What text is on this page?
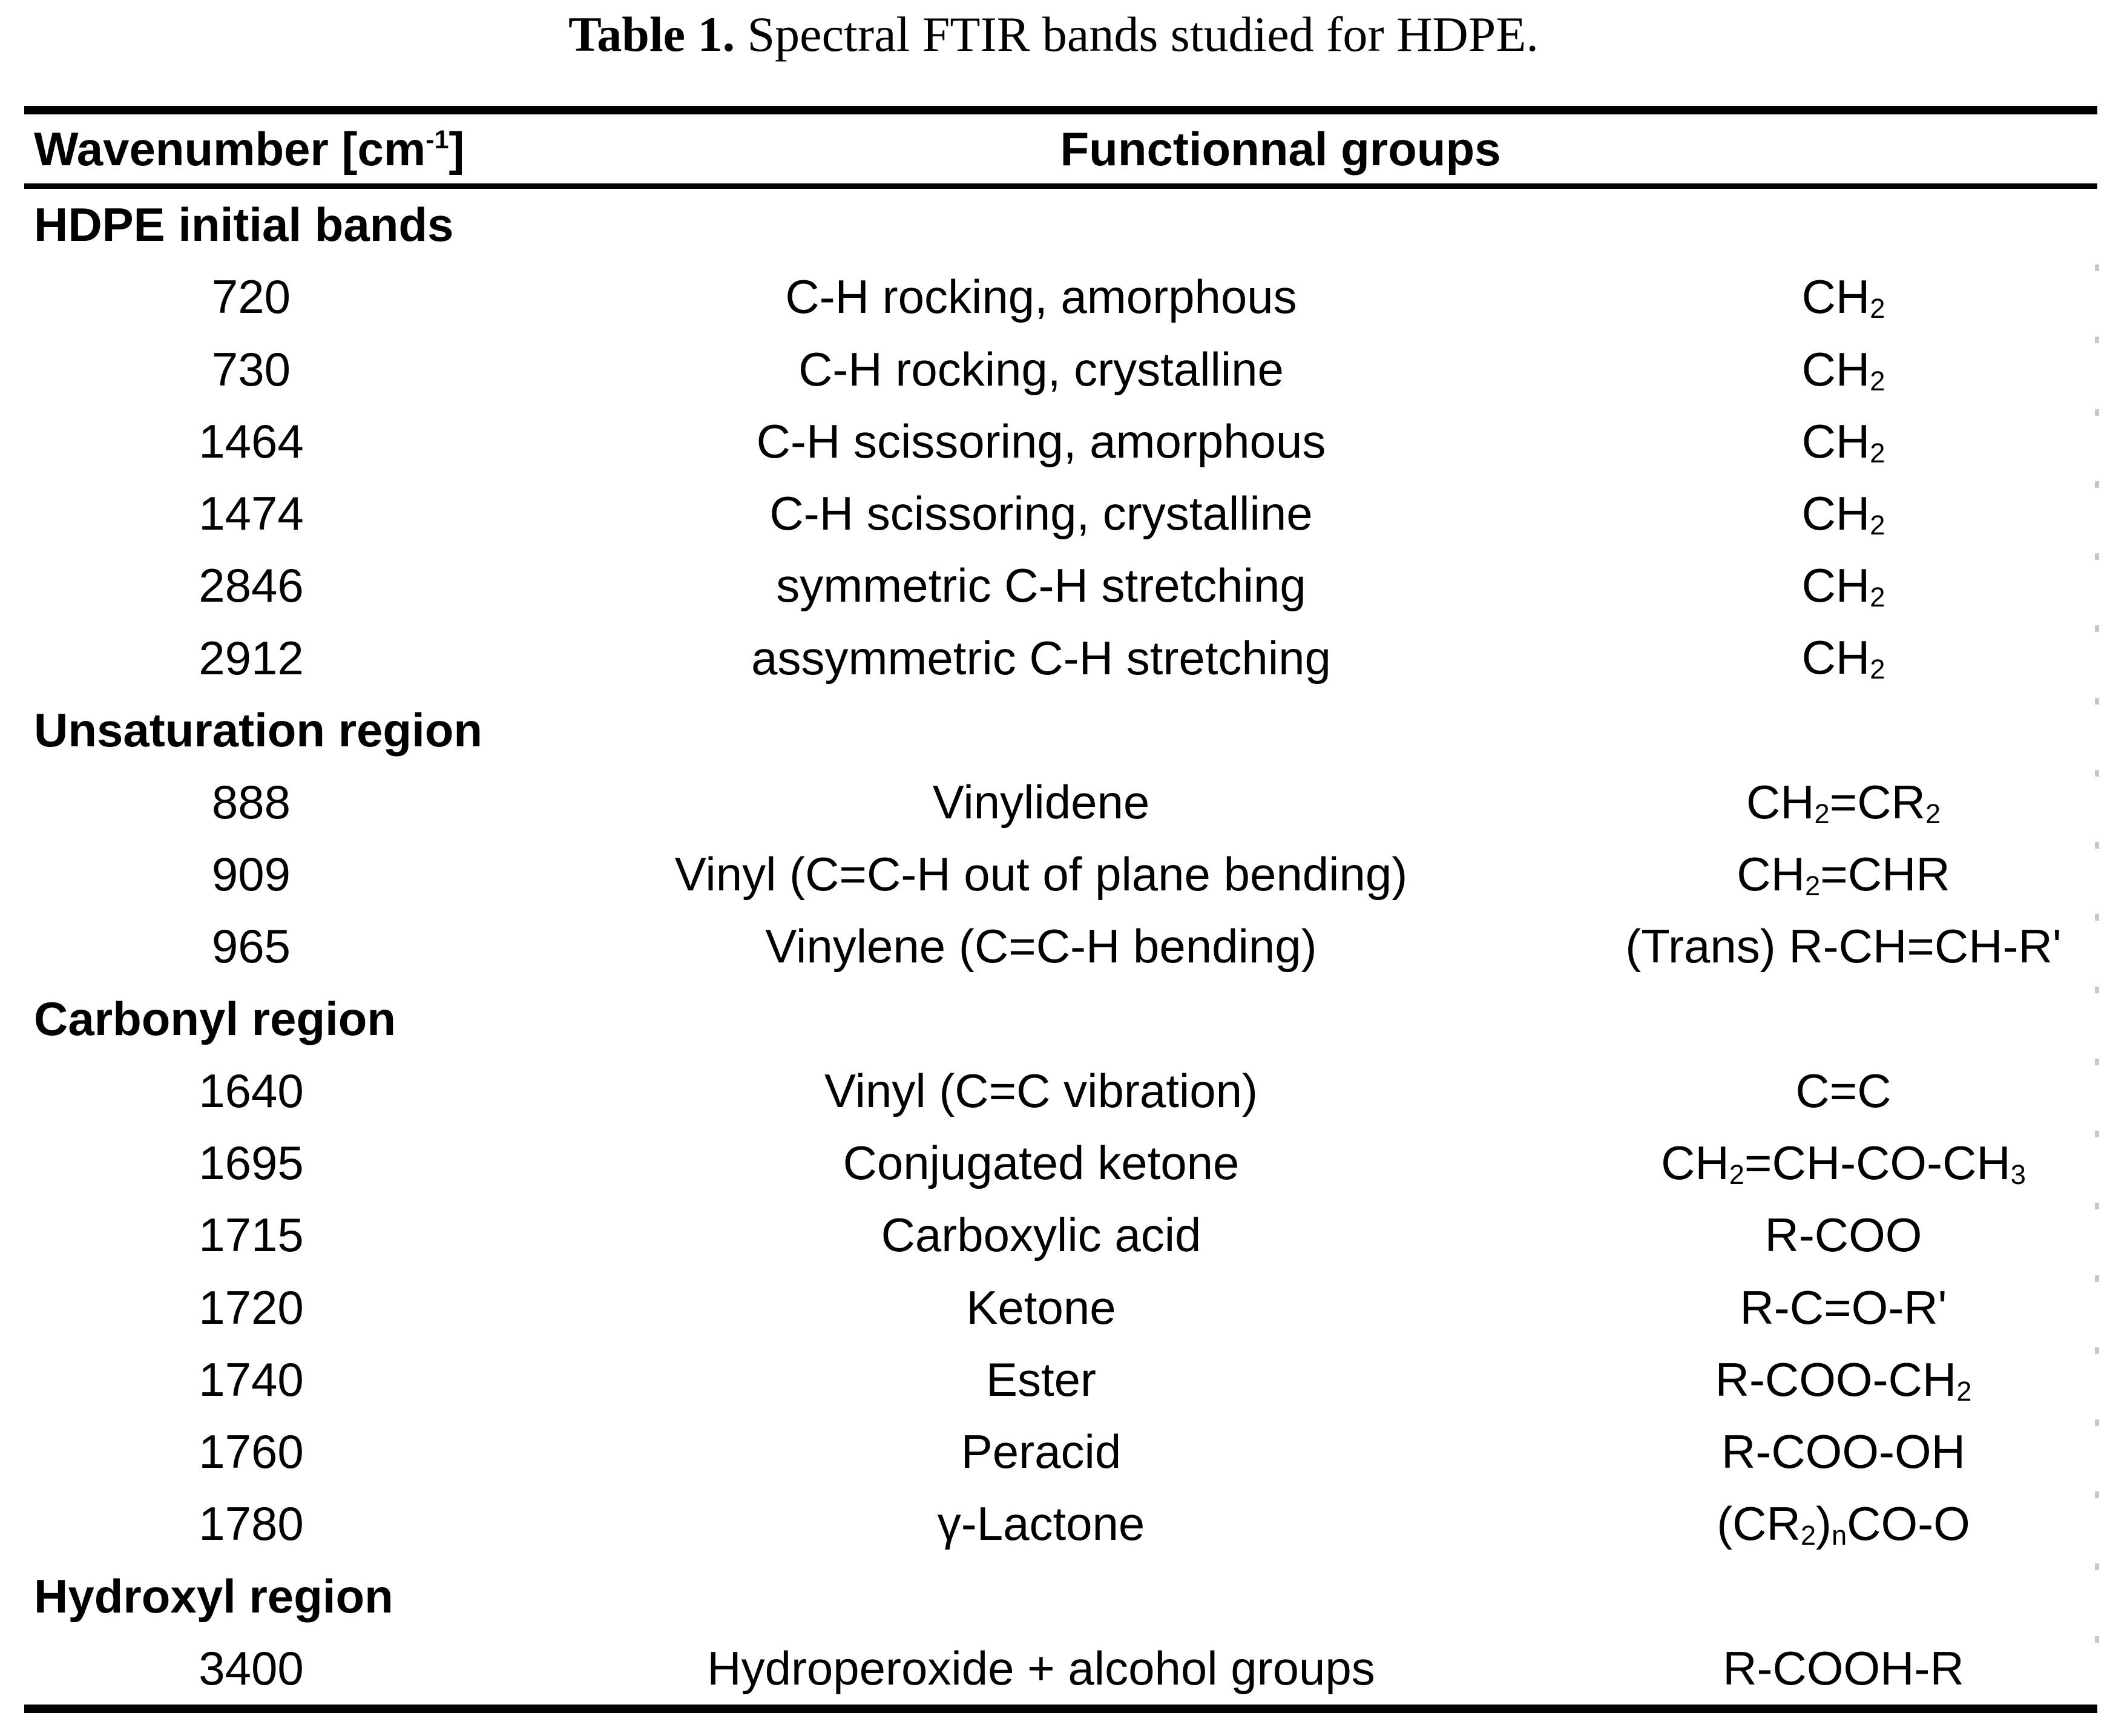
Table 1. Spectral FTIR bands studied for HDPE.
Wavenumber $[cm^{-1}]$	Functionnal groups
HDPE initial bands
720	C-H rocking, amorphous	$CH_2$
730	C-H rocking, crystalline	$CH_2$
1464	C-H scissoring, amorphous	$CH_2$
1474	C-H scissoring, crystalline	$CH_2$
2846	symmetric C-H stretching	$CH_2$
2912	assymmetric C-H stretching	$CH_2$
Unsaturation region
888	Vinylidene	$CH_2=CR_2$
909	Vinyl (C=C-H out of plane bending)	$CH_2=CHR$
965	Vinylene (C=C-H bending)	(Trans) R-CH=CH-R'
Carbonyl region
1640	Vinyl (C=C vibration)	C=C
1695	Conjugated ketone	$CH_2=CH-CO-CH_3$
1715	Carboxylic acid	R-COO
1720	Ketone	R-C=O-R'
1740	Ester	$R-COO-CH_2$
1760	Peracid	R-COO-OH
1780	γ-Lactone	$(CR_2)_nCO-O$
Hydroxyl region
3400	Hydroperoxide + alcohol groups	R-COOH-R
